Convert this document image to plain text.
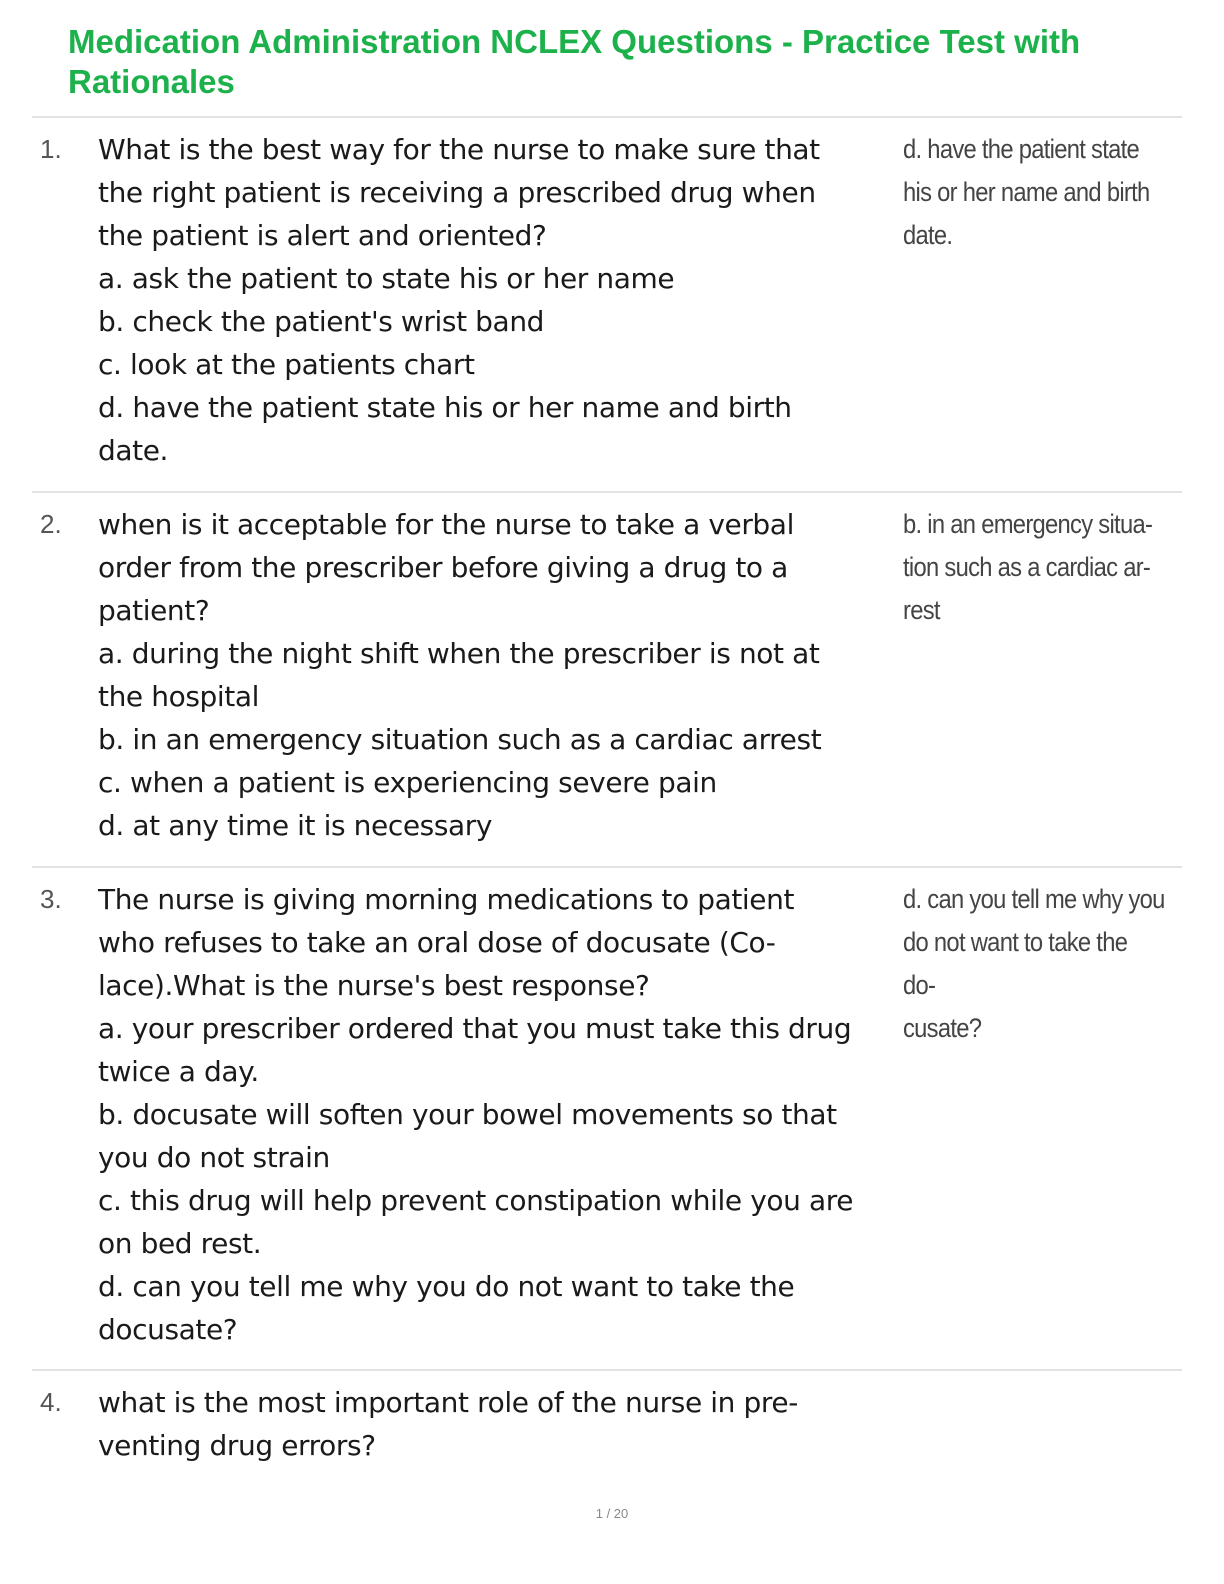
Medication Administration NCLEX Questions - Practice Test with Rationales
1. What is the best way for the nurse to make sure that
the right patient is receiving a prescribed drug when
the patient is alert and oriented?
a. ask the patient to state his or her name
b. check the patient's wrist band
c. look at the patients chart
d. have the patient state his or her name and birth
date.
d. have the patient state
his or her name and birth
date.
2. when is it acceptable for the nurse to take a verbal
order from the prescriber before giving a drug to a
patient?
a. during the night shift when the prescriber is not at
the hospital
b. in an emergency situation such as a cardiac arrest
c. when a patient is experiencing severe pain
d. at any time it is necessary
b. in an emergency situa-
tion such as a cardiac ar-
rest
3. The nurse is giving morning medications to patient
who refuses to take an oral dose of docusate (Co-
lace).What is the nurse's best response?
a. your prescriber ordered that you must take this drug
twice a day.
b. docusate will soften your bowel movements so that
you do not strain
c. this drug will help prevent constipation while you are
on bed rest.
d. can you tell me why you do not want to take the
docusate?
d. can you tell me why you
do not want to take the do-
cusate?
4. what is the most important role of the nurse in pre-
venting drug errors?
1 / 20
